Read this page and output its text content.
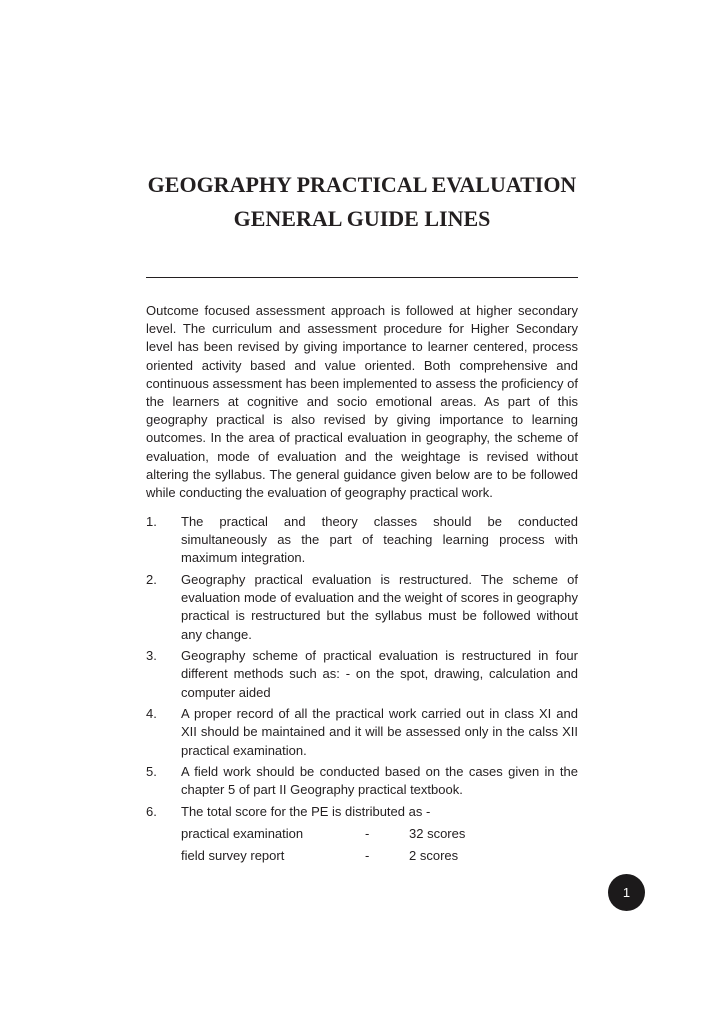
GEOGRAPHY PRACTICAL EVALUATION
GENERAL GUIDE LINES

Outcome focused assessment approach is followed at higher secondary level. The curriculum and assessment procedure for Higher Secondary level has been revised by giving importance to learner centered, process oriented activity based and value oriented. Both comprehensive and continuous assessment has been implemented to assess the proficiency of the learners at cognitive and socio emotional areas. As part of this geography practical is also revised by giving importance to learning outcomes. In the area of practical evaluation in geography, the scheme of evaluation, mode of evaluation and the weightage is revised without altering the syllabus. The general guidance given below are to be followed while conducting the evaluation of geography practical work.

1. The practical and theory classes should be conducted simultaneously as the part of teaching learning process with maximum integration.
2. Geography practical evaluation is restructured. The scheme of evaluation mode of evaluation and the weight of scores in geography practical is restructured but the syllabus must be followed without any change.
3. Geography scheme of practical evaluation is restructured in four different methods such as: - on the spot, drawing, calculation and computer aided
4. A proper record of all the practical work carried out in class XI and XII should be maintained and it will be assessed only in the calss XII practical examination.
5. A field work should be conducted based on the cases given in the chapter 5 of part II Geography practical textbook.
6. The total score for the PE is distributed as -
practical examination	-	32 scores
field survey report	-	2 scores
1
